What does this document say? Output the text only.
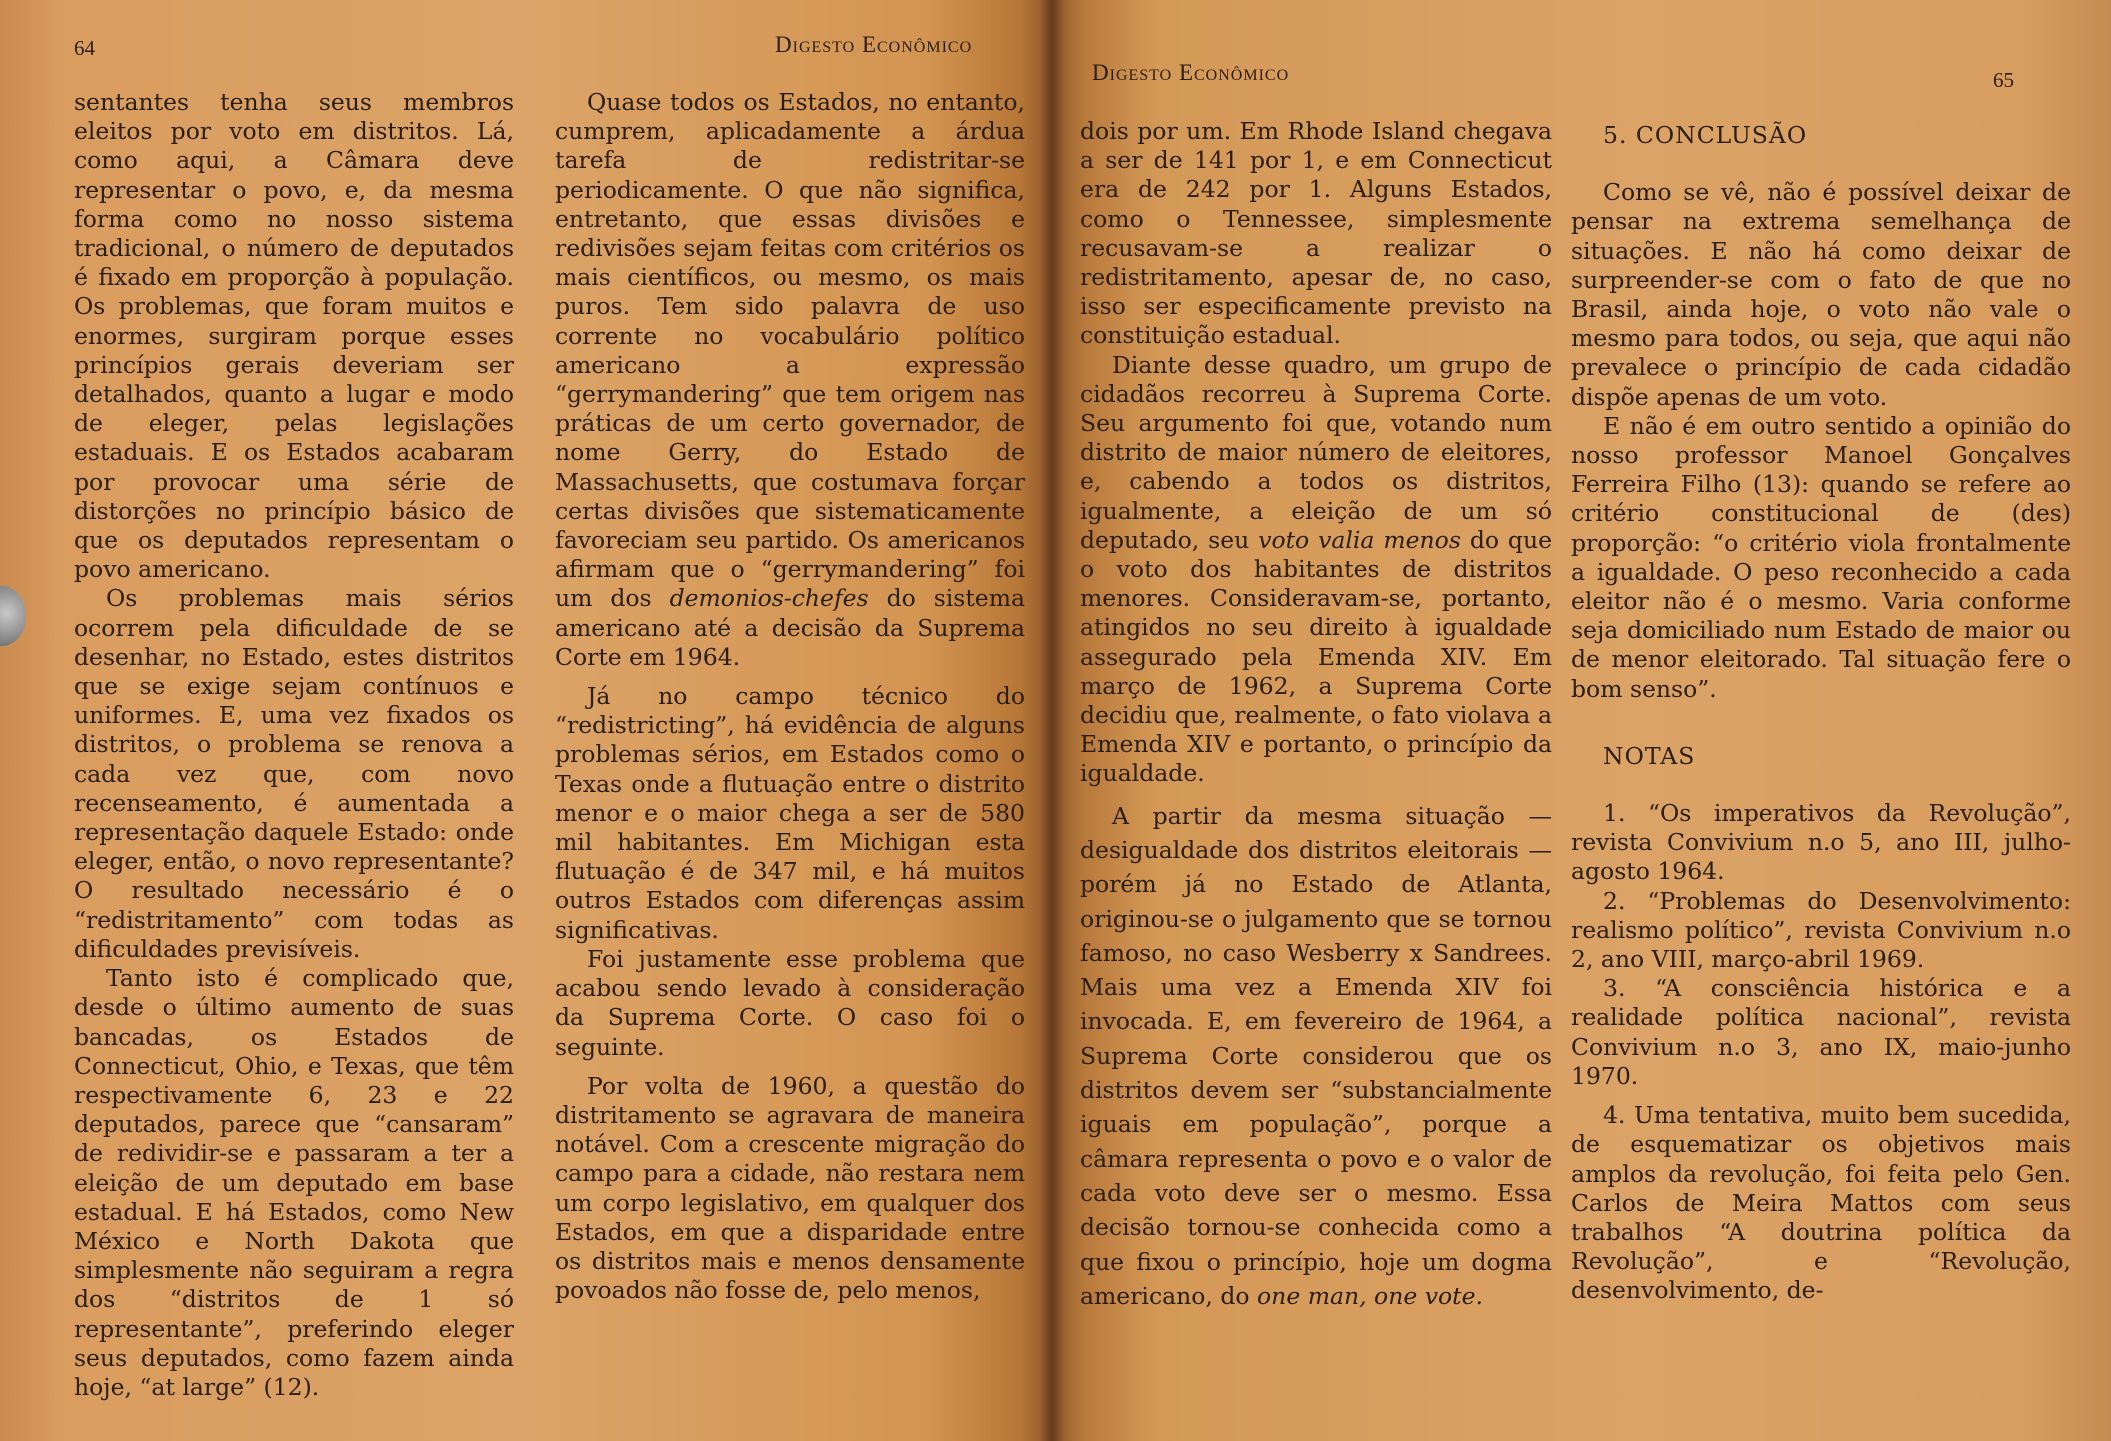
64	Digesto Econômico

sentantes tenha seus membros eleitos por voto em distritos. Lá, como aqui, a Câmara deve representar o povo, e, da mesma forma como no nosso sistema tradicional, o número de deputados é fixado em proporção à população. Os problemas, que foram muitos e enormes, surgiram porque esses princípios gerais deveriam ser detalhados, quanto a lugar e modo de eleger, pelas legislações estaduais. E os Estados acabaram por provocar uma série de distorções no princípio básico de que os deputados representam o povo americano.

Os problemas mais sérios ocorrem pela dificuldade de se desenhar, no Estado, estes distritos que se exige sejam contínuos e uniformes. E, uma vez fixados os distritos, o problema se renova a cada vez que, com novo recenseamento, é aumentada a representação daquele Estado: onde eleger, então, o novo representante? O resultado necessário é o “redistritamento” com todas as dificuldades previsíveis.

Tanto isto é complicado que, desde o último aumento de suas bancadas, os Estados de Connecticut, Ohio, e Texas, que têm respectivamente 6, 23 e 22 deputados, parece que “cansaram” de redividir-se e passaram a ter a eleição de um deputado em base estadual. E há Estados, como New México e North Dakota que simplesmente não seguiram a regra dos “distritos de 1 só representante”, preferindo eleger seus deputados, como fazem ainda hoje, “at large” (12).

Quase todos os Estados, no entanto, cumprem, aplicadamente a árdua tarefa de redistritar-se periodicamente. O que não significa, entretanto, que essas divisões e redivisões sejam feitas com critérios os mais científicos, ou mesmo, os mais puros. Tem sido palavra de uso corrente no vocabulário político americano a expressão “gerrymandering” que tem origem nas práticas de um certo governador, de nome Gerry, do Estado de Massachusetts, que costumava forçar certas divisões que sistematicamente favoreciam seu partido. Os americanos afirmam que o “gerrymandering” foi um dos demonios-chefes do sistema americano até a decisão da Suprema Corte em 1964.

Já no campo técnico do “redistricting”, há evidência de alguns problemas sérios, em Estados como o Texas onde a flutuação entre o distrito menor e o maior chega a ser de 580 mil habitantes. Em Michigan esta flutuação é de 347 mil, e há muitos outros Estados com diferenças assim significativas.

Foi justamente esse problema que acabou sendo levado à consideração da Suprema Corte. O caso foi o seguinte.

Por volta de 1960, a questão do distritamento se agravara de maneira notável. Com a crescente migração do campo para a cidade, não restara nem um corpo legislativo, em qualquer dos Estados, em que a disparidade entre os distritos mais e menos densamente povoados não fosse de, pelo menos,

Digesto Econômico	65

dois por um. Em Rhode Island chegava a ser de 141 por 1, e em Connecticut era de 242 por 1. Alguns Estados, como o Tennessee, simplesmente recusavam-se a realizar o redistritamento, apesar de, no caso, isso ser especificamente previsto na constituição estadual.

Diante desse quadro, um grupo de cidadãos recorreu à Suprema Corte. Seu argumento foi que, votando num distrito de maior número de eleitores, e, cabendo a todos os distritos, igualmente, a eleição de um só deputado, seu voto valia menos do que o voto dos habitantes de distritos menores. Consideravam-se, portanto, atingidos no seu direito à igualdade assegurado pela Emenda XIV. Em março de 1962, a Suprema Corte decidiu que, realmente, o fato violava a Emenda XIV e portanto, o princípio da igualdade.

A partir da mesma situação — desigualdade dos distritos eleitorais — porém já no Estado de Atlanta, originou-se o julgamento que se tornou famoso, no caso Wesberry x Sandrees. Mais uma vez a Emenda XIV foi invocada. E, em fevereiro de 1964, a Suprema Corte considerou que os distritos devem ser “substancialmente iguais em população”, porque a câmara representa o povo e o valor de cada voto deve ser o mesmo. Essa decisão tornou-se conhecida como a que fixou o princípio, hoje um dogma americano, do one man, one vote.

5. CONCLUSÃO

Como se vê, não é possível deixar de pensar na extrema semelhança de situações. E não há como deixar de surpreender-se com o fato de que no Brasil, ainda hoje, o voto não vale o mesmo para todos, ou seja, que aqui não prevalece o princípio de cada cidadão dispõe apenas de um voto.

E não é em outro sentido a opinião do nosso professor Manoel Gonçalves Ferreira Filho (13): quando se refere ao critério constitucional de (des) proporção: “o critério viola frontalmente a igualdade. O peso reconhecido a cada eleitor não é o mesmo. Varia conforme seja domiciliado num Estado de maior ou de menor eleitorado. Tal situação fere o bom senso”.

NOTAS

1. “Os imperativos da Revolução”, revista Convivium n.o 5, ano III, julho-agosto 1964.

2. “Problemas do Desenvolvimento: realismo político”, revista Convivium n.o 2, ano VIII, março-abril 1969.

3. “A consciência histórica e a realidade política nacional”, revista Convivium n.o 3, ano IX, maio-junho 1970.

4. Uma tentativa, muito bem sucedida, de esquematizar os objetivos mais amplos da revolução, foi feita pelo Gen. Carlos de Meira Mattos com seus trabalhos “A doutrina política da Revolução”, e “Revolução, desenvolvimento, de-
